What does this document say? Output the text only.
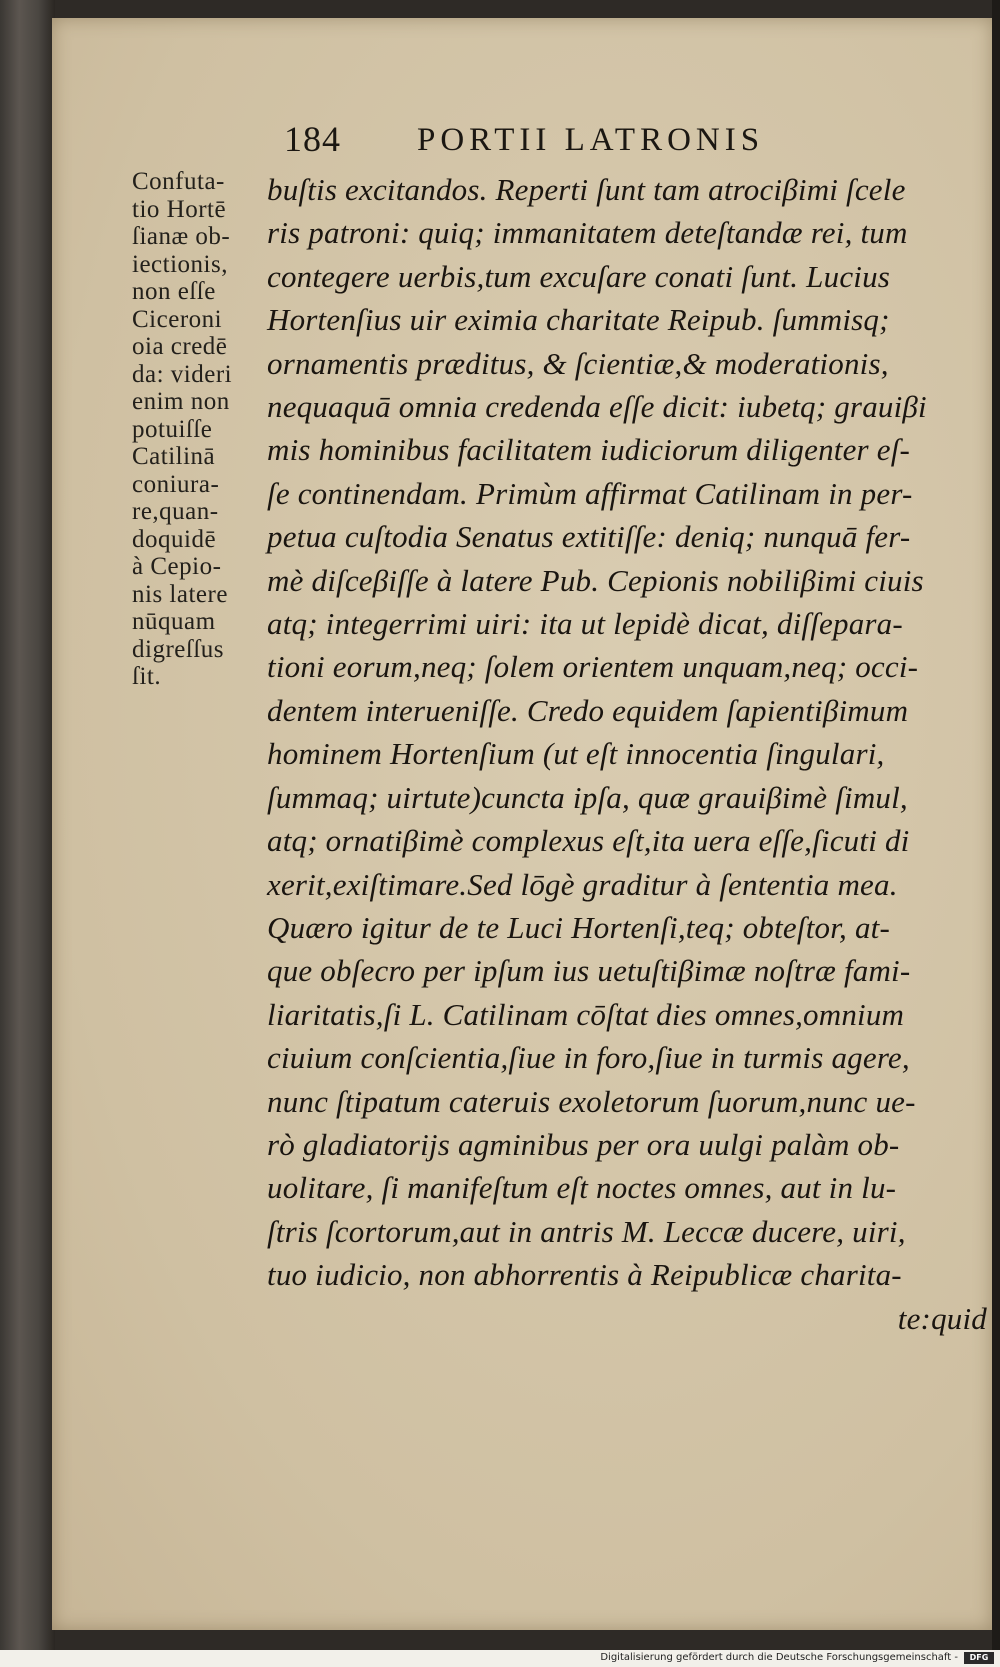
184 PORTII LATRONIS
Confuta-
tio Hortē
ſianæ ob-
iectionis,
non eſſe
Ciceroni
oia credē
da: videri
enim non
potuiſſe
Catilinā
coniura-
re,quan-
doquidē
à Cepio-
nis latere
nūquam
digreſſus
ſit.
buſtis excitandos. Reperti ſunt tam atrociβimi ſcele
ris patroni: quiq; immanitatem deteſtandæ rei, tum
contegere uerbis,tum excuſare conati ſunt. Lucius
Hortenſius uir eximia charitate Reipub. ſummisq;
ornamentis præditus, & ſcientiæ,& moderationis,
nequaquā omnia credenda eſſe dicit: iubetq; grauiβi
mis hominibus facilitatem iudiciorum diligenter eſ-
ſe continendam. Primùm affirmat Catilinam in per-
petua cuſtodia Senatus extitiſſe: deniq; nunquā fer-
mè diſceβiſſe à latere Pub. Cepionis nobiliβimi ciuis
atq; integerrimi uiri: ita ut lepidè dicat, diſſepara-
tioni eorum,neq; ſolem orientem unquam,neq; occi-
dentem interueniſſe. Credo equidem ſapientiβimum
hominem Hortenſium (ut eſt innocentia ſingulari,
ſummaq; uirtute)cuncta ipſa, quæ grauiβimè ſimul,
atq; ornatiβimè complexus eſt,ita uera eſſe,ſicuti di
xerit,exiſtimare.Sed lōgè graditur à ſententia mea.
Quæro igitur de te Luci Hortenſi,teq; obteſtor, at-
que obſecro per ipſum ius uetuſtiβimæ noſtræ fami-
liaritatis,ſi L. Catilinam cōſtat dies omnes,omnium
ciuium conſcientia,ſiue in foro,ſiue in turmis agere,
nunc ſtipatum cateruis exoletorum ſuorum,nunc ue-
rò gladiatorijs agminibus per ora uulgi palàm ob-
uolitare, ſi manifeſtum eſt noctes omnes, aut in lu-
ſtris ſcortorum,aut in antris M. Leccæ ducere, uiri,
tuo iudicio, non abhorrentis à Reipublicæ charita-
te:quid
Digitalisierung gefördert durch die Deutsche Forschungsgemeinschaft -	DFG
